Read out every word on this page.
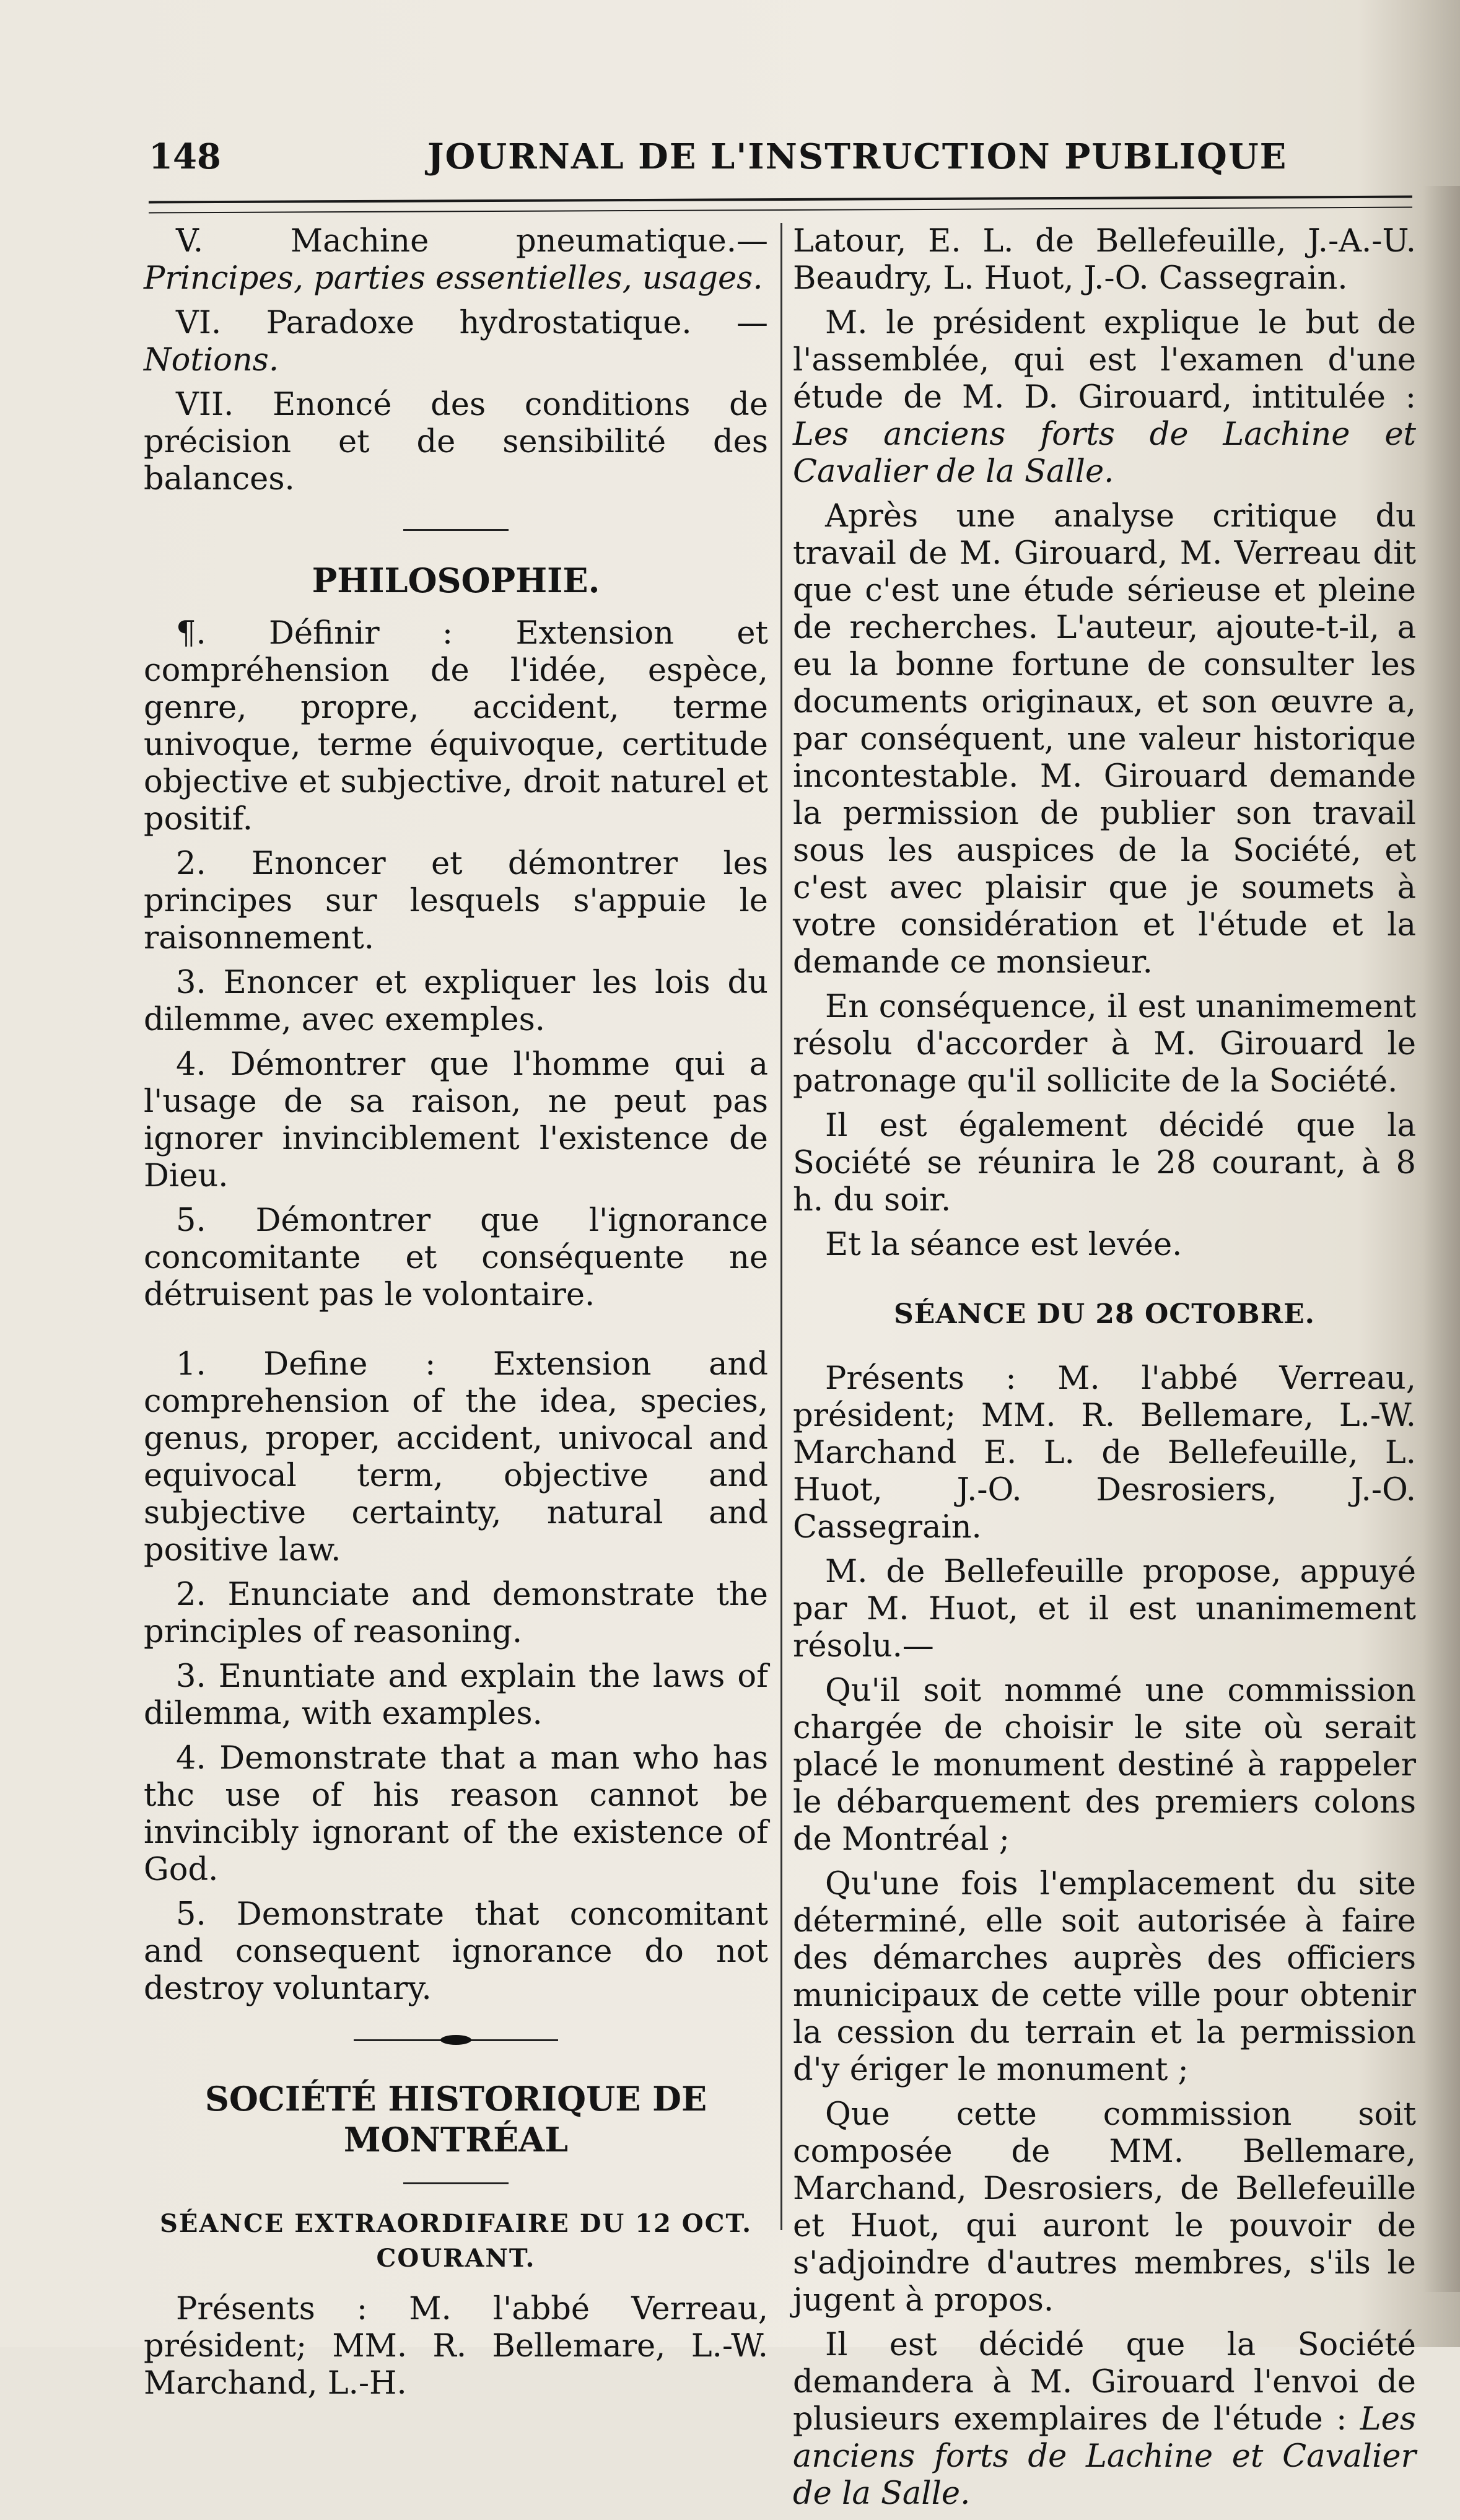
148	JOURNAL DE L'INSTRUCTION PUBLIQUE

V. Machine pneumatique.—Principes, parties essentielles, usages.

VI. Paradoxe hydrostatique. — Notions.

VII. Enoncé des conditions de précision et de sensibilité des balances.

PHILOSOPHIE.

¶. Définir : Extension et compréhension de l'idée, espèce, genre, propre, accident, terme univoque, terme équivoque, certitude objective et subjective, droit naturel et positif.

2. Enoncer et démontrer les principes sur lesquels s'appuie le raisonnement.

3. Enoncer et expliquer les lois du dilemme, avec exemples.

4. Démontrer que l'homme qui a l'usage de sa raison, ne peut pas ignorer invinciblement l'existence de Dieu.

5. Démontrer que l'ignorance concomitante et conséquente ne détruisent pas le volontaire.

1. Define : Extension and comprehension of the idea, species, genus, proper, accident, univocal and equivocal term, objective and subjective certainty, natural and positive law.

2. Enunciate and demonstrate the principles of reasoning.

3. Enuntiate and explain the laws of dilemma, with examples.

4. Demonstrate that a man who has thc use of his reason cannot be invincibly ignorant of the existence of God.

5. Demonstrate that concomitant and consequent ignorance do not destroy voluntary.

SOCIÉTÉ HISTORIQUE DE MONTRÉAL
SÉANCE EXTRAORDIFAIRE DU 12 OCT. COURANT.

Présents : M. l'abbé Verreau, président; MM. R. Bellemare, L.-W. Marchand, L.-H.

Latour, E. L. de Bellefeuille, J.-A.-U. Beaudry, L. Huot, J.-O. Cassegrain.

M. le président explique le but de l'assemblée, qui est l'examen d'une étude de M. D. Girouard, intitulée : Les anciens forts de Lachine et Cavalier de la Salle.

Après une analyse critique du travail de M. Girouard, M. Verreau dit que c'est une étude sérieuse et pleine de recherches. L'auteur, ajoute-t-il, a eu la bonne fortune de consulter les documents originaux, et son œuvre a, par conséquent, une valeur historique incontestable. M. Girouard demande la permission de publier son travail sous les auspices de la Société, et c'est avec plaisir que je soumets à votre considération et l'étude et la demande ce monsieur.

En conséquence, il est unanimement résolu d'accorder à M. Girouard le patronage qu'il sollicite de la Société.

Il est également décidé que la Société se réunira le 28 courant, à 8 h. du soir.

Et la séance est levée.

SÉANCE DU 28 OCTOBRE.

Présents : M. l'abbé Verreau, président; MM. R. Bellemare, L.-W. Marchand E. L. de Bellefeuille, L. Huot, J.-O. Desrosiers, J.-O. Cassegrain.

M. de Bellefeuille propose, appuyé par M. Huot, et il est unanimement résolu.—

Qu'il soit nommé une commission chargée de choisir le site où serait placé le monument destiné à rappeler le débarquement des premiers colons de Montréal ;

Qu'une fois l'emplacement du site déterminé, elle soit autorisée à faire des démarches auprès des officiers municipaux de cette ville pour obtenir la cession du terrain et la permission d'y ériger le monument ;

Que cette commission soit composée de MM. Bellemare, Marchand, Desrosiers, de Bellefeuille et Huot, qui auront le pouvoir de s'adjoindre d'autres membres, s'ils le jugent à propos.

Il est décidé que la Société demandera à M. Girouard l'envoi de plusieurs exemplaires de l'étude : Les anciens forts de Lachine et Cavalier de la Salle.
